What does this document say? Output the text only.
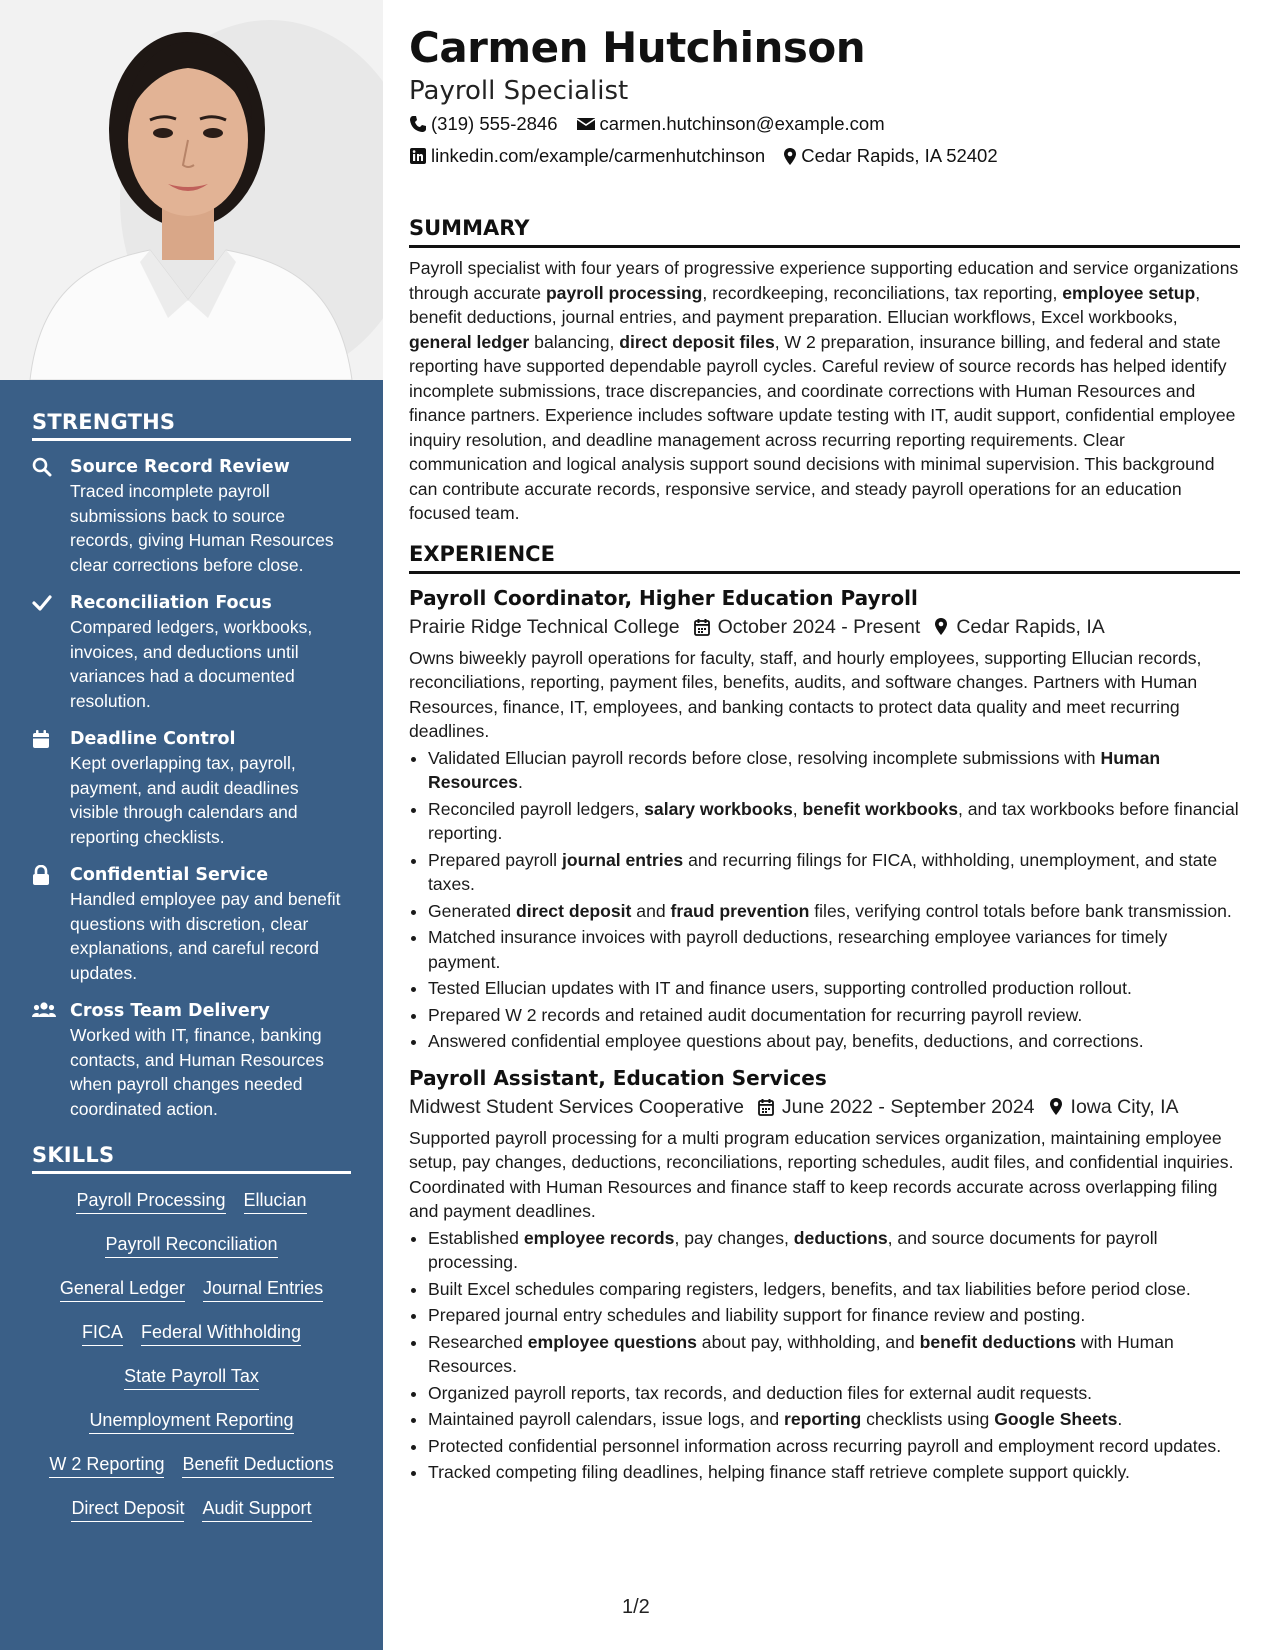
STRENGTHS
Source Record Review
Traced incomplete payroll submissions back to source records, giving Human Resources clear corrections before close.
Reconciliation Focus
Compared ledgers, workbooks, invoices, and deductions until variances had a documented resolution.
Deadline Control
Kept overlapping tax, payroll, payment, and audit deadlines visible through calendars and reporting checklists.
Confidential Service
Handled employee pay and benefit questions with discretion, clear explanations, and careful record updates.
Cross Team Delivery
Worked with IT, finance, banking contacts, and Human Resources when payroll changes needed coordinated action.
SKILLS
Payroll Processing Ellucian
Payroll Reconciliation
General Ledger Journal Entries
FICA Federal Withholding
State Payroll Tax
Unemployment Reporting
W 2 Reporting Benefit Deductions
Direct Deposit Audit Support
Carmen Hutchinson
Payroll Specialist
(319) 555-2846 carmen.hutchinson@example.com
linkedin.com/example/carmenhutchinson Cedar Rapids, IA 52402
SUMMARY

Payroll specialist with four years of progressive experience supporting education and service organizations through accurate payroll processing, recordkeeping, reconciliations, tax reporting, employee setup, benefit deductions, journal entries, and payment preparation. Ellucian workflows, Excel workbooks, general ledger balancing, direct deposit files, W 2 preparation, insurance billing, and federal and state reporting have supported dependable payroll cycles. Careful review of source records has helped identify incomplete submissions, trace discrepancies, and coordinate corrections with Human Resources and finance partners. Experience includes software update testing with IT, audit support, confidential employee inquiry resolution, and deadline management across recurring reporting requirements. Clear communication and logical analysis support sound decisions with minimal supervision. This background can contribute accurate records, responsive service, and steady payroll operations for an education focused team.

EXPERIENCE
Payroll Coordinator, Higher Education Payroll
Prairie Ridge Technical College October 2024 - Present Cedar Rapids, IA

Owns biweekly payroll operations for faculty, staff, and hourly employees, supporting Ellucian records, reconciliations, reporting, payment files, benefits, audits, and software changes. Partners with Human Resources, finance, IT, employees, and banking contacts to protect data quality and meet recurring deadlines.

• Validated Ellucian payroll records before close, resolving incomplete submissions with Human Resources.
• Reconciled payroll ledgers, salary workbooks, benefit workbooks, and tax workbooks before financial reporting.
• Prepared payroll journal entries and recurring filings for FICA, withholding, unemployment, and state taxes.
• Generated direct deposit and fraud prevention files, verifying control totals before bank transmission.
• Matched insurance invoices with payroll deductions, researching employee variances for timely payment.
• Tested Ellucian updates with IT and finance users, supporting controlled production rollout.
• Prepared W 2 records and retained audit documentation for recurring payroll review.
• Answered confidential employee questions about pay, benefits, deductions, and corrections.
Payroll Assistant, Education Services
Midwest Student Services Cooperative June 2022 - September 2024 Iowa City, IA

Supported payroll processing for a multi program education services organization, maintaining employee setup, pay changes, deductions, reconciliations, reporting schedules, audit files, and confidential inquiries. Coordinated with Human Resources and finance staff to keep records accurate across overlapping filing and payment deadlines.

• Established employee records, pay changes, deductions, and source documents for payroll processing.
• Built Excel schedules comparing registers, ledgers, benefits, and tax liabilities before period close.
• Prepared journal entry schedules and liability support for finance review and posting.
• Researched employee questions about pay, withholding, and benefit deductions with Human Resources.
• Organized payroll reports, tax records, and deduction files for external audit requests.
• Maintained payroll calendars, issue logs, and reporting checklists using Google Sheets.
• Protected confidential personnel information across recurring payroll and employment record updates.
• Tracked competing filing deadlines, helping finance staff retrieve complete support quickly.
1/2
